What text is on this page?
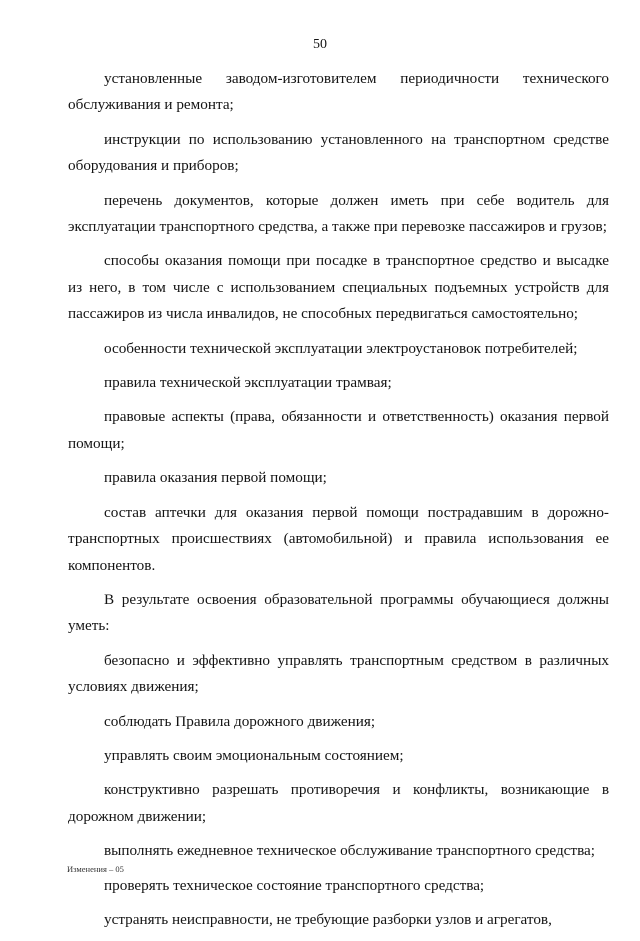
50

установленные заводом-изготовителем периодичности технического обслуживания и ремонта;

инструкции по использованию установленного на транспортном средстве оборудования и приборов;

перечень документов, которые должен иметь при себе водитель для эксплуатации транспортного средства, а также при перевозке пассажиров и грузов;

способы оказания помощи при посадке в транспортное средство и высадке из него, в том числе с использованием специальных подъемных устройств для пассажиров из числа инвалидов, не способных передвигаться самостоятельно;

особенности технической эксплуатации электроустановок потребителей;

правила технической эксплуатации трамвая;

правовые аспекты (права, обязанности и ответственность) оказания первой помощи;

правила оказания первой помощи;

состав аптечки для оказания первой помощи пострадавшим в дорожно-транспортных происшествиях (автомобильной) и правила использования ее компонентов.

В результате освоения образовательной программы обучающиеся должны уметь:

безопасно и эффективно управлять транспортным средством в различных условиях движения;

соблюдать Правила дорожного движения;

управлять своим эмоциональным состоянием;

конструктивно разрешать противоречия и конфликты, возникающие в дорожном движении;

выполнять ежедневное техническое обслуживание транспортного средства;

проверять техническое состояние транспортного средства;

устранять неисправности, не требующие разборки узлов и агрегатов,

Изменения – 05
